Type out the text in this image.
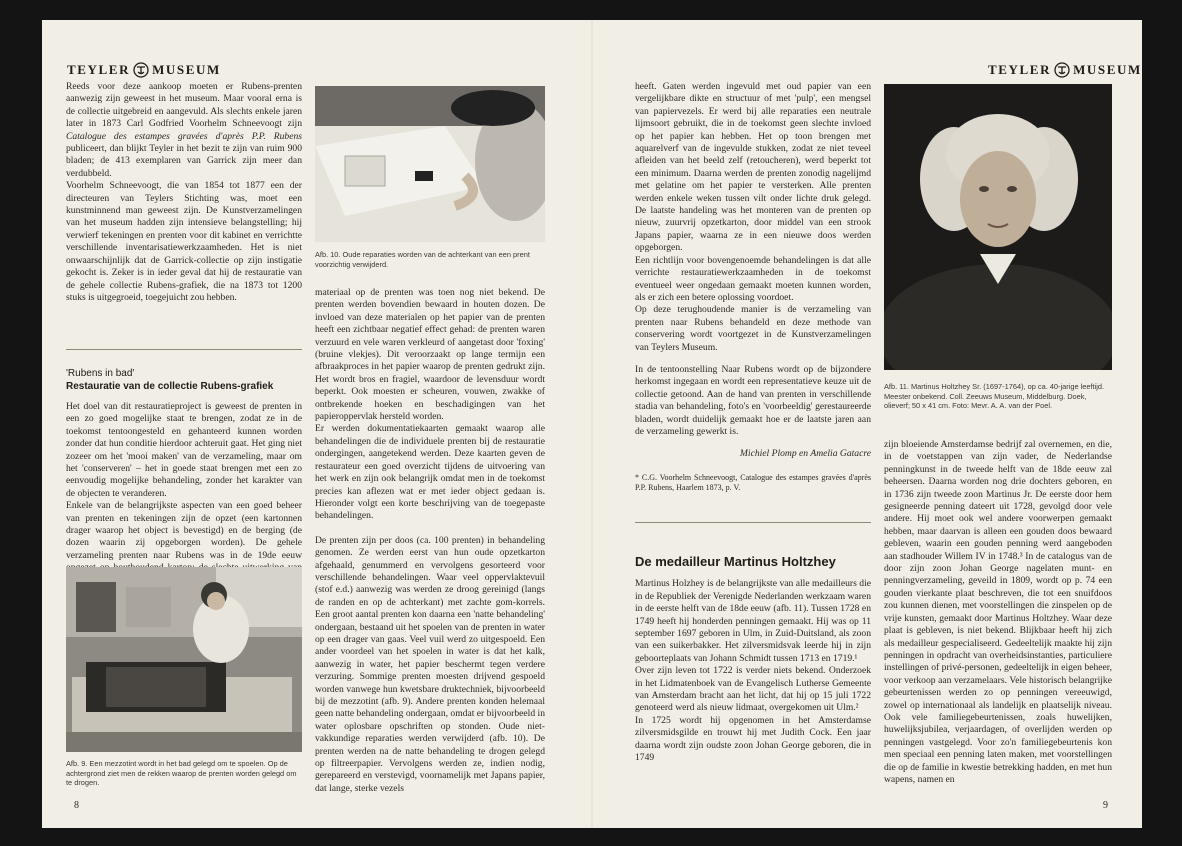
TEYLER MUSEUM

Reeds voor deze aankoop moeten er Rubens-prenten aanwezig zijn geweest in het museum. Maar vooral erna is de collectie uitgebreid en aangevuld. Als slechts enkele jaren later in 1873 Carl Godfried Voorhelm Schneevoogt zijn Catalogue des estampes gravées d'après P.P. Rubens publiceert, dan blijkt Teyler in het bezit te zijn van ruim 900 bladen; de 413 exemplaren van Garrick zijn meer dan verdubbeld.

Voorhelm Schneevoogt, die van 1854 tot 1877 een der directeuren van Teylers Stichting was, moet een kunstminnend man geweest zijn. De Kunstverzamelingen van het museum hadden zijn intensieve belangstelling; hij verwierf tekeningen en prenten voor dit kabinet en verrichtte verschillende inventarisatiewerkzaamheden. Het is niet onwaarschijnlijk dat de Garrick-collectie op zijn instigatie gekocht is. Zeker is in ieder geval dat hij de restauratie van de gehele collectie Rubens-grafiek, die na 1873 tot 1200 stuks is uitgegroeid, toegejuicht zou hebben.

'Rubens in bad'
Restauratie van de collectie Rubens-grafiek

Het doel van dit restauratieproject is geweest de prenten in een zo goed mogelijke staat te brengen, zodat ze in de toekomst tentoongesteld en gehanteerd kunnen worden zonder dat hun conditie hierdoor achteruit gaat. Het ging niet zozeer om het 'mooi maken' van de verzameling, maar om het 'conserveren' – het in goede staat brengen met een zo eenvoudig mogelijke behandeling, zonder het karakter van de objecten te veranderen.

Enkele van de belangrijkste aspecten van een goed beheer van prenten en tekeningen zijn de opzet (een kartonnen drager waarop het object is bevestigd) en de berging (de dozen waarin zij opgeborgen worden). De gehele verzameling prenten naar Rubens was in de 19de eeuw

Afb. 9. Een mezzotint wordt in het bad gelegd om te spoelen. Op de achtergrond ziet men de rekken waarop de prenten worden gelegd om te drogen.
Afb. 10. Oude reparaties worden van de achterkant van een prent voorzichtig verwijderd.

materiaal op de prenten was toen nog niet bekend. De prenten werden bovendien bewaard in houten dozen. De invloed van deze materialen op het papier van de prenten heeft een zichtbaar negatief effect gehad: de prenten waren verzuurd en vele waren verkleurd of aangetast door 'foxing' (bruine vlekjes). Dit veroorzaakt op lange termijn een afbraakproces in het papier waarop de prenten gedrukt zijn. Het wordt bros en fragiel, waardoor de levensduur wordt beperkt. Ook moesten er scheuren, vouwen, zwakke of ontbrekende hoeken en beschadigingen van het papieroppervlak hersteld worden.

Er werden dokumentatiekaarten gemaakt waarop alle behandelingen die de individuele prenten bij de restauratie ondergingen, aangetekend werden. Deze kaarten geven de restaurateur een goed overzicht tijdens de uitvoering van het werk en zijn ook belangrijk omdat men in de toekomst precies kan aflezen wat er met ieder object gedaan is. Hieronder volgt een korte beschrijving van de toegepaste behandelingen.

De prenten zijn per doos (ca. 100 prenten) in behandeling genomen. Ze werden eerst van hun oude opzetkarton afgehaald, genummerd en vervolgens gesorteerd voor verschillende behandelingen. Waar veel oppervlaktevuil (stof e.d.) aanwezig was werden ze droog gereinigd (langs de randen en op de achterkant) met zachte gom-korrels. Een groot aantal prenten kon daarna een 'natte behandeling' ondergaan, bestaand uit het spoelen van de prenten in water op een drager van gaas. Veel vuil werd zo uitgespoeld. Een ander voordeel van het spoelen in water is dat het kalk, aanwezig in water, het papier beschermt tegen verdere verzuring. Sommige prenten moesten drijvend gespoeld worden vanwege hun kwetsbare druktechniek, bijvoorbeeld bij de mezzotint (afb. 9). Andere prenten konden helemaal geen natte behandeling ondergaan, omdat er bijvoorbeeld in water oplosbare opschriften op stonden. Oude niet-vakkundige reparaties werden verwijderd (afb. 10). De prenten werden na de natte behandeling te drogen gelegd op filtreerpapier. Vervolgens werden ze, indien nodig, gerepareerd en verstevigd, voornamelijk met Japans papier, dat lange, sterke vezels

8
TEYLER MUSEUM

heeft. Gaten werden ingevuld met oud papier van een vergelijkbare dikte en structuur of met 'pulp', een mengsel van papiervezels. Er werd bij alle reparaties een neutrale lijmsoort gebruikt, die in de toekomst geen slechte invloed op het papier kan hebben. Het op toon brengen met aquarelverf van de ingevulde stukken, zodat ze niet teveel afleiden van het beeld zelf (retoucheren), werd beperkt tot een minimum. Daarna werden de prenten zonodig nagelijmd met gelatine om het papier te versterken. Alle prenten werden enkele weken tussen vilt onder lichte druk gelegd. De laatste handeling was het monteren van de prenten op nieuw, zuurvrij opzetkarton, door middel van een strook Japans papier, waarna ze in een nieuwe doos werden opgeborgen.

Een richtlijn voor bovengenoemde behandelingen is dat alle verrichte restauratiewerkzaamheden in de toekomst eventueel weer ongedaan gemaakt moeten kunnen worden, als er zich een betere oplossing voordoet.

Op deze terughoudende manier is de verzameling van prenten naar Rubens behandeld en deze methode van conservering wordt voortgezet in de Kunstverzamelingen van Teylers Museum.

In de tentoonstelling Naar Rubens wordt op de bijzondere herkomst ingegaan en wordt een representatieve keuze uit de collectie getoond. Aan de hand van prenten in verschillende stadia van behandeling, foto's en 'voorbeeldig' gerestaureerde bladen, wordt duidelijk gemaakt hoe er de laatste jaren aan de verzameling gewerkt is.

Michiel Plomp en Amelia Gatacre

* C.G. Voorhelm Schneevoogt, Catalogue des estampes gravées d'après P.P. Rubens, Haarlem 1873, p. V.

De medailleur Martinus Holtzhey

Martinus Holzhey is de belangrijkste van alle medailleurs die in de Republiek der Verenigde Nederlanden werkzaam waren in de eerste helft van de 18de eeuw (afb. 11). Tussen 1728 en 1749 heeft hij honderden penningen gemaakt. Hij was op 11 september 1697 geboren in Ulm, in Zuid-Duitsland, als zoon van een suikerbakker. Het zilversmidsvak leerde hij in zijn geboorteplaats van Johann Schmidt tussen 1713 en 1719.¹

Over zijn leven tot 1722 is verder niets bekend. Onderzoek in het Lidmatenboek van de Evangelisch Lutherse Gemeente van Amsterdam bracht aan het licht, dat hij op 15 juli 1722 genoteerd werd als nieuw lidmaat, overgekomen uit Ulm.²

In 1725 wordt hij opgenomen in het Amsterdamse zilversmidsgilde en trouwt hij met Judith Cock. Een jaar daarna wordt zijn oudste zoon Johan George geboren, die in 1749

Afb. 11. Martinus Holtzhey Sr. (1697-1764), op ca. 40-jarige leeftijd. Meester onbekend. Coll. Zeeuws Museum, Middelburg. Doek, olieverf; 50 x 41 cm. Foto: Mevr. A. A. van der Poel.

zijn bloeiende Amsterdamse bedrijf zal overnemen, en die, in de voetstappen van zijn vader, de Nederlandse penningkunst in de tweede helft van de 18de eeuw zal beheersen. Daarna worden nog drie dochters geboren, en in 1736 zijn tweede zoon Martinus Jr. De eerste door hem gesigneerde penning dateert uit 1728, gevolgd door vele andere. Hij moet ook wel andere voorwerpen gemaakt hebben, maar daarvan is alleen een gouden doos bewaard gebleven, waarin een gouden penning werd aangeboden aan stadhouder Willem IV in 1748.³ In de catalogus van de door zijn zoon Johan George nagelaten munt- en penningverzameling, geveild in 1809, wordt op p. 74 een gouden vierkante plaat beschreven, die tot een snuifdoos zou kunnen dienen, met voorstellingen die zinspelen op de vrije kunsten, gemaakt door Martinus Holtzhey. Waar deze plaat is gebleven, is niet bekend. Blijkbaar heeft hij zich als medailleur gespecialiseerd. Gedeeltelijk maakte hij zijn penningen in opdracht van overheidsinstanties, particuliere instellingen of privé-personen, gedeeltelijk in eigen beheer, voor verkoop aan verzamelaars. Vele historisch belangrijke gebeurtenissen werden zo op penningen vereeuwigd, zowel op internationaal als landelijk en plaatselijk niveau. Ook vele familiegebeurtenissen, zoals huwelijken, huwelijksjubilea, verjaardagen, of overlijden werden op penningen vastgelegd. Voor zo'n familiegebeurtenis kon men speciaal een penning laten maken, met voorstellingen die op de familie in kwestie betrekking hadden, en met hun wapens, namen en

9
